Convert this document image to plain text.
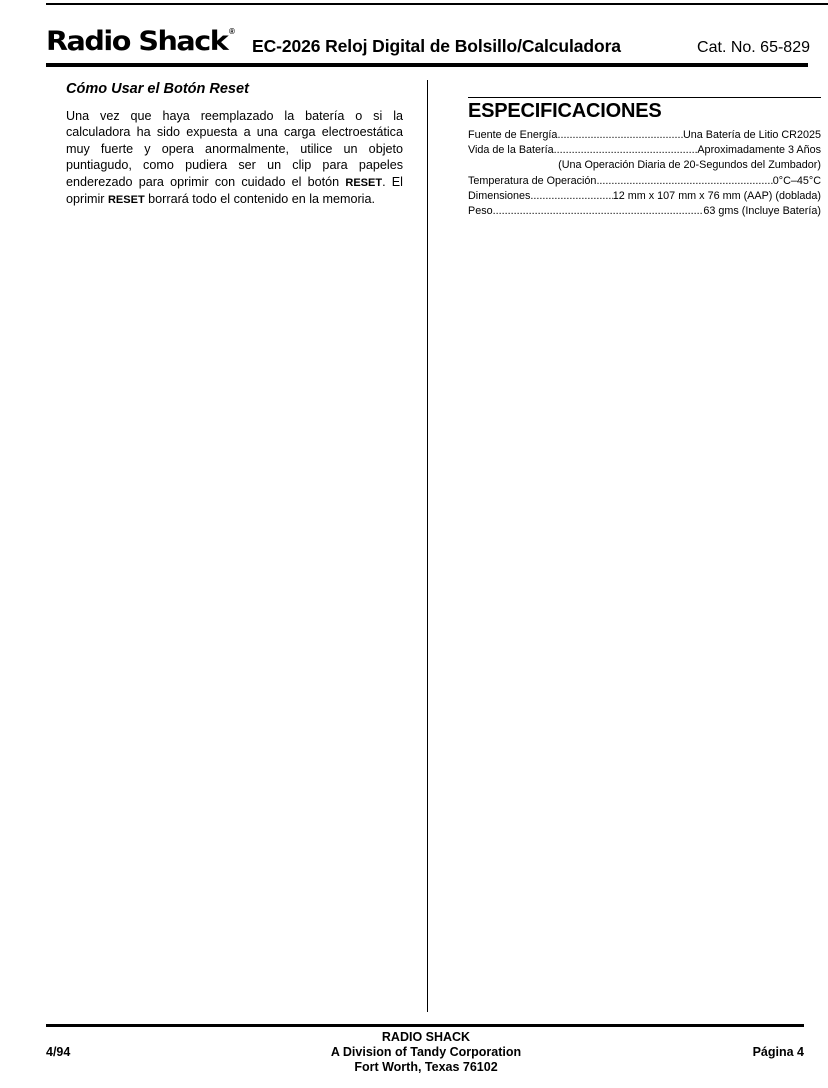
Radio Shack ®
EC-2026 Reloj Digital de Bolsillo/Calculadora	Cat. No. 65-829
Cómo Usar el Botón Reset

Una vez que haya reemplazado la batería o si la calculadora ha sido expuesta a una carga electroestática muy fuerte y opera anormalmente, utilice un objeto puntiagudo, como pudiera ser un clip para papeles enderezado para oprimir con cuidado el botón RESET. El oprimir RESET borrará todo el contenido en la memoria.

ESPECIFICACIONES
Fuente de Energía .....	Una Batería de Litio CR2025
Vida de la Batería .....	Aproximadamente 3 Años
(Una Operación Diaria de 20-Segundos del Zumbador)
Temperatura de Operación .....	0°C–45°C
Dimensiones .....	12 mm x 107 mm x 76 mm (AAP) (doblada)
Peso .....	63 gms (Incluye Batería)
RADIO SHACK
A Division of Tandy Corporation
Fort Worth, Texas 76102
4/94	Página 4
